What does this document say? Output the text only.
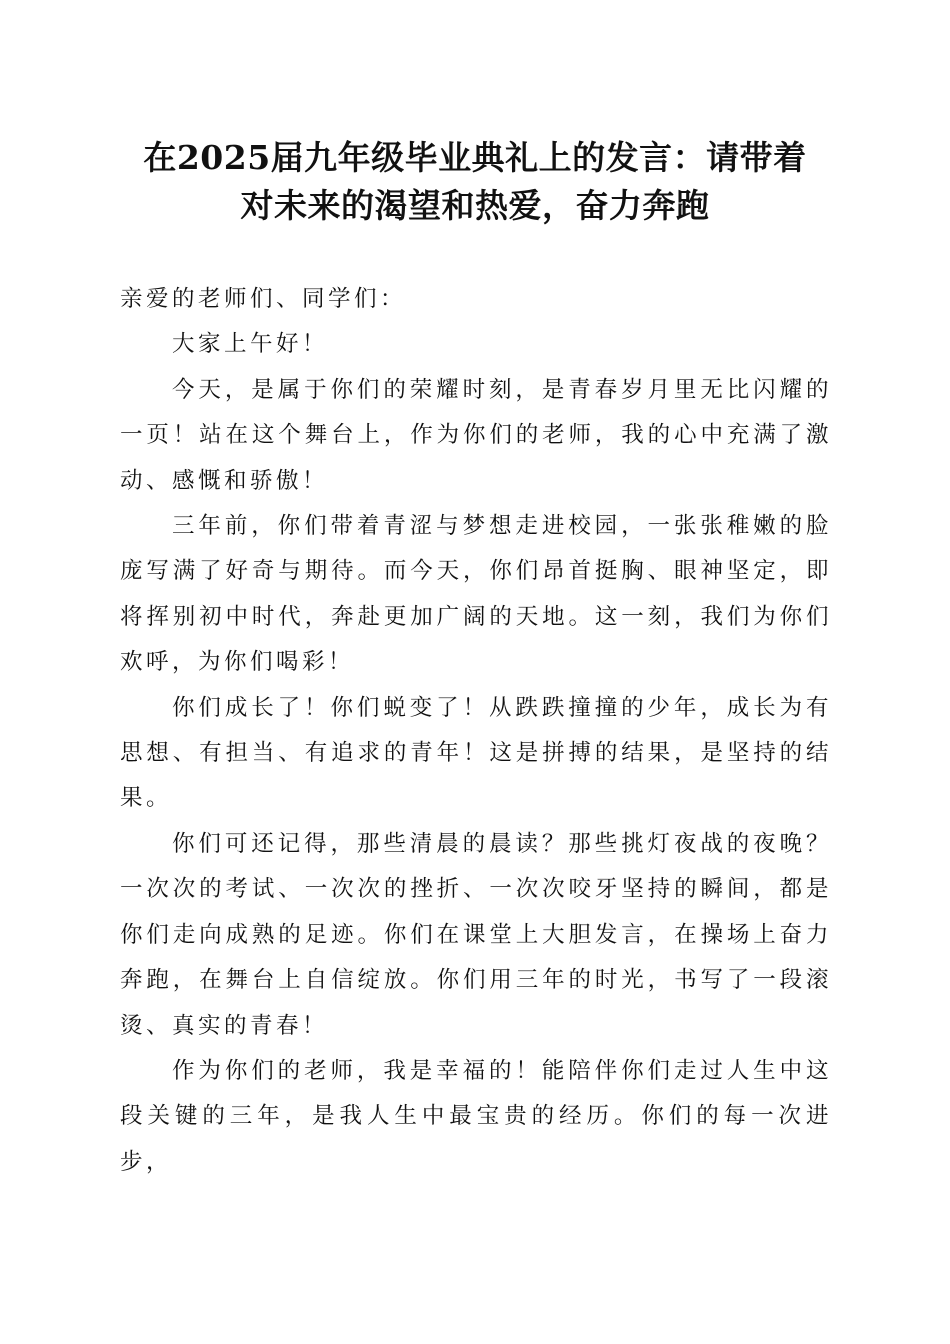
在2025届九年级毕业典礼上的发言：请带着
对未来的渴望和热爱，奋力奔跑

亲爱的老师们、同学们：

大家上午好！

今天，是属于你们的荣耀时刻，是青春岁月里无比闪耀的一页！站在这个舞台上，作为你们的老师，我的心中充满了激动、感慨和骄傲！

三年前，你们带着青涩与梦想走进校园，一张张稚嫩的脸庞写满了好奇与期待。而今天，你们昂首挺胸、眼神坚定，即将挥别初中时代，奔赴更加广阔的天地。这一刻，我们为你们欢呼，为你们喝彩！

你们成长了！你们蜕变了！从跌跌撞撞的少年，成长为有思想、有担当、有追求的青年！这是拼搏的结果，是坚持的结果。

你们可还记得，那些清晨的晨读？那些挑灯夜战的夜晚？一次次的考试、一次次的挫折、一次次咬牙坚持的瞬间，都是你们走向成熟的足迹。你们在课堂上大胆发言，在操场上奋力奔跑，在舞台上自信绽放。你们用三年的时光，书写了一段滚烫、真实的青春！

作为你们的老师，我是幸福的！能陪伴你们走过人生中这段关键的三年，是我人生中最宝贵的经历。你们的每一次进步，
